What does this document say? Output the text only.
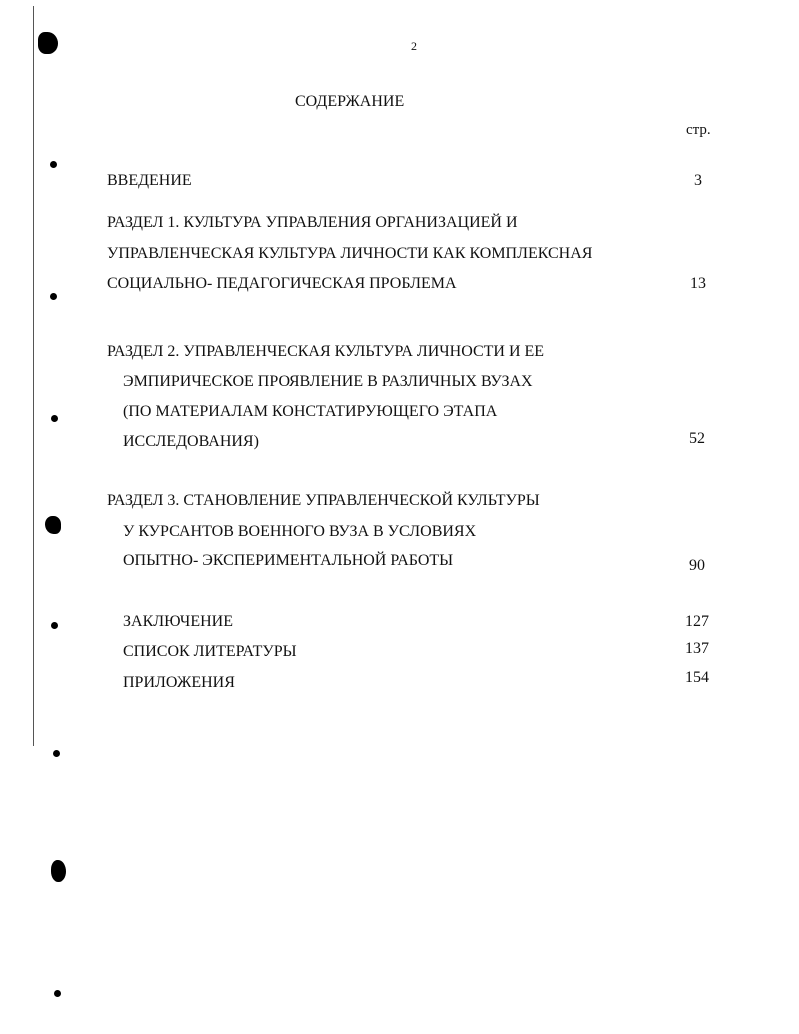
2
СОДЕРЖАНИЕ
стр.
ВВЕДЕНИЕ	3
РАЗДЕЛ 1. КУЛЬТУРА УПРАВЛЕНИЯ ОРГАНИЗАЦИЕЙ И
УПРАВЛЕНЧЕСКАЯ КУЛЬТУРА ЛИЧНОСТИ КАК КОМПЛЕКСНАЯ
СОЦИАЛЬНО- ПЕДАГОГИЧЕСКАЯ ПРОБЛЕМА	13
РАЗДЕЛ 2. УПРАВЛЕНЧЕСКАЯ КУЛЬТУРА ЛИЧНОСТИ И ЕЕ
ЭМПИРИЧЕСКОЕ ПРОЯВЛЕНИЕ В РАЗЛИЧНЫХ ВУЗАХ
(ПО МАТЕРИАЛАМ КОНСТАТИРУЮЩЕГО ЭТАПА
ИССЛЕДОВАНИЯ)	52
РАЗДЕЛ 3. СТАНОВЛЕНИЕ УПРАВЛЕНЧЕСКОЙ КУЛЬТУРЫ
У КУРСАНТОВ ВОЕННОГО ВУЗА В УСЛОВИЯХ
ОПЫТНО- ЭКСПЕРИМЕНТАЛЬНОЙ РАБОТЫ	90
ЗАКЛЮЧЕНИЕ	127
СПИСОК ЛИТЕРАТУРЫ	137
ПРИЛОЖЕНИЯ	154
